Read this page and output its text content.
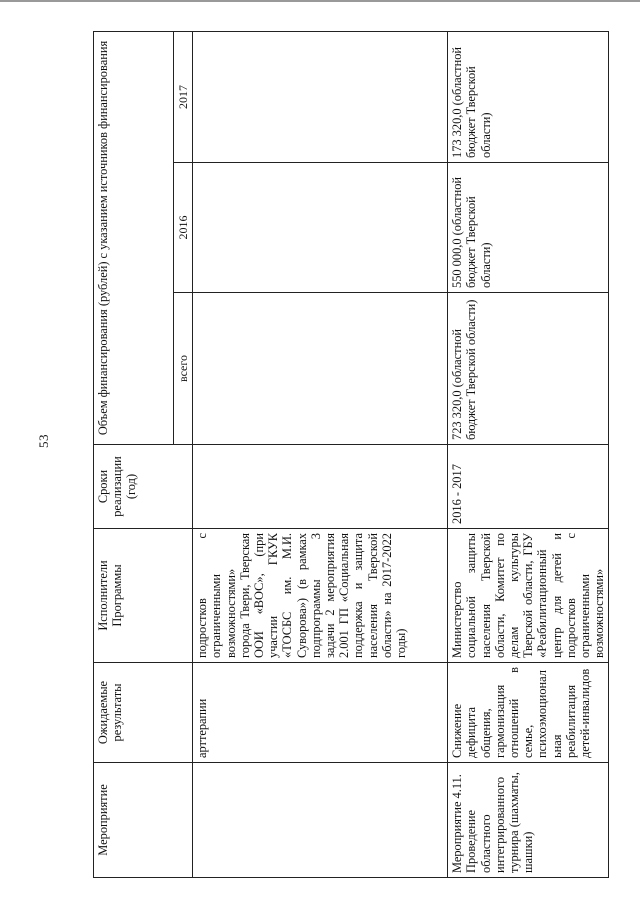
53
Мероприятие	Ожидаемые результаты	Исполнители Программы	Сроки реализации (год)	Объем финансирования (рублей) с указанием источников финансирования		
				всего	2016	2017
	арттерапии	подростков с ограниченными возможностями» города Твери, Тверская ООИ «ВОС», (при участии ГКУК «ТОСБС им. М.И. Суворова») (в рамках подпрограммы 3 задачи 2 мероприятия 2.001 ГП «Социальная поддержка и защита населения Тверской области» на 2017-2022 годы)				
Мероприятие 4.11. Проведение областного интегрированного турнира (шахматы, шашки)	Снижение дефицита общения, гармонизация отношений в семье, психоэмоциональная реабилитация детей-инвалидов	Министерство социальной защиты населения Тверской области, Комитет по делам культуры Тверской области, ГБУ «Реабилитационный центр для детей и подростков с ограниченными возможностями»	2016 - 2017	723 320,0 (областной бюджет Тверской области)	550 000,0 (областной бюджет Тверской области)	173 320,0 (областной бюджет Тверской области)
